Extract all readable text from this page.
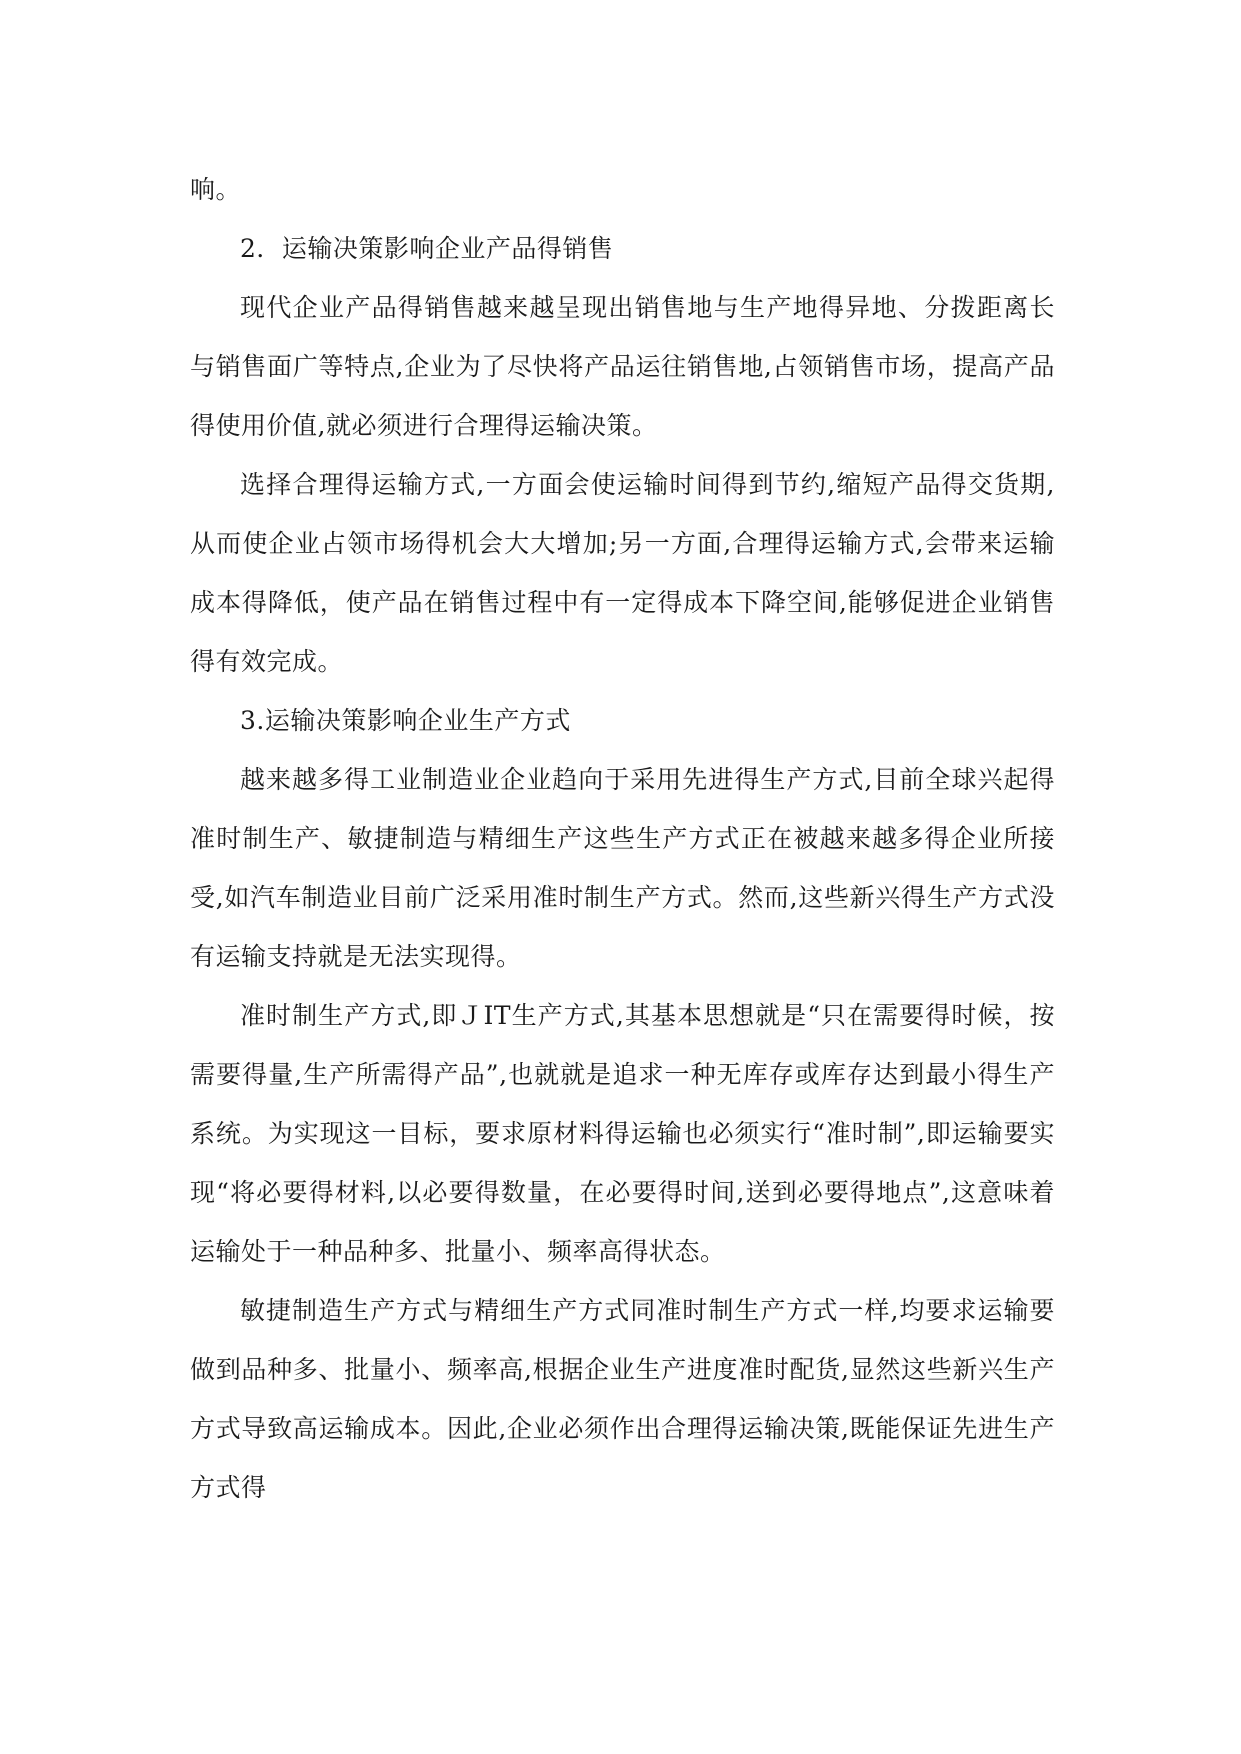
响。

2．运输决策影响企业产品得销售

现代企业产品得销售越来越呈现出销售地与生产地得异地、分拨距离长与销售面广等特点,企业为了尽快将产品运往销售地,占领销售市场，提高产品得使用价值,就必须进行合理得运输决策。

选择合理得运输方式,一方面会使运输时间得到节约,缩短产品得交货期,从而使企业占领市场得机会大大增加;另一方面,合理得运输方式,会带来运输成本得降低，使产品在销售过程中有一定得成本下降空间,能够促进企业销售得有效完成。

3.运输决策影响企业生产方式

越来越多得工业制造业企业趋向于采用先进得生产方式,目前全球兴起得准时制生产、敏捷制造与精细生产这些生产方式正在被越来越多得企业所接受,如汽车制造业目前广泛采用准时制生产方式。然而,这些新兴得生产方式没有运输支持就是无法实现得。

准时制生产方式,即ＪIT生产方式,其基本思想就是“只在需要得时候，按需要得量,生产所需得产品”,也就就是追求一种无库存或库存达到最小得生产系统。为实现这一目标，要求原材料得运输也必须实行“准时制”,即运输要实现“将必要得材料,以必要得数量，在必要得时间,送到必要得地点”,这意味着运输处于一种品种多、批量小、频率高得状态。

敏捷制造生产方式与精细生产方式同准时制生产方式一样,均要求运输要做到品种多、批量小、频率高,根据企业生产进度准时配货,显然这些新兴生产方式导致高运输成本。因此,企业必须作出合理得运输决策,既能保证先进生产方式得
